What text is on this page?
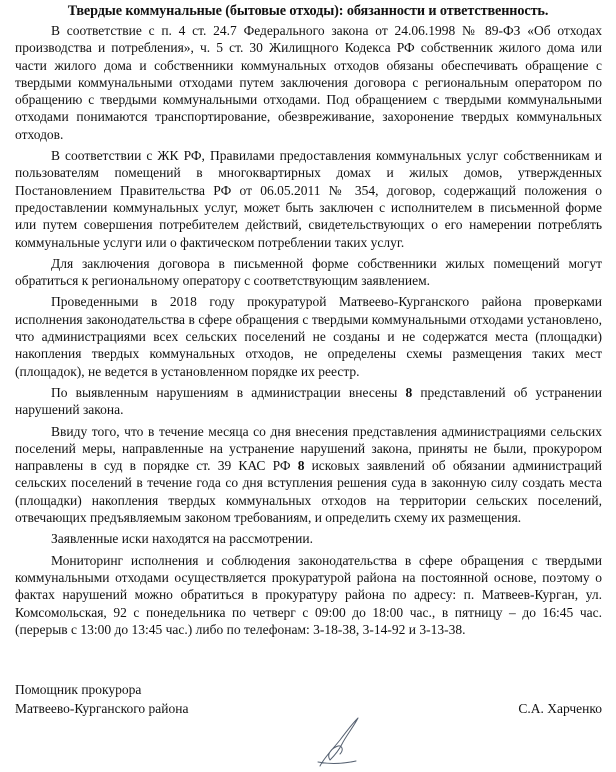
Твердые коммунальные (бытовые отходы): обязанности и ответственность.

В соответствие с п. 4 ст. 24.7 Федерального закона от 24.06.1998 № 89-ФЗ «Об отходах производства и потребления», ч. 5 ст. 30 Жилищного Кодекса РФ собственник жилого дома или части жилого дома и собственники коммунальных отходов обязаны обеспечивать обращение с твердыми коммунальными отходами путем заключения договора с региональным оператором по обращению с твердыми коммунальными отходами. Под обращением с твердыми коммунальными отходами понимаются транспортирование, обезвреживание, захоронение твердых коммунальных отходов.

В соответствии с ЖК РФ, Правилами предоставления коммунальных услуг собственникам и пользователям помещений в многоквартирных домах и жилых домов, утвержденных Постановлением Правительства РФ от 06.05.2011 № 354, договор, содержащий положения о предоставлении коммунальных услуг, может быть заключен с исполнителем в письменной форме или путем совершения потребителем действий, свидетельствующих о его намерении потреблять коммунальные услуги или о фактическом потреблении таких услуг.

Для заключения договора в письменной форме собственники жилых помещений могут обратиться к региональному оператору с соответствующим заявлением.

Проведенными в 2018 году прокуратурой Матвеево-Курганского района проверками исполнения законодательства в сфере обращения с твердыми коммунальными отходами установлено, что администрациями всех сельских поселений не созданы и не содержатся места (площадки) накопления твердых коммунальных отходов, не определены схемы размещения таких мест (площадок), не ведется в установленном порядке их реестр.

По выявленным нарушениям в администрации внесены 8 представлений об устранении нарушений закона.

Ввиду того, что в течение месяца со дня внесения представления администрациями сельских поселений меры, направленные на устранение нарушений закона, приняты не были, прокурором направлены в суд в порядке ст. 39 КАС РФ 8 исковых заявлений об обязании администраций сельских поселений в течение года со дня вступления решения суда в законную силу создать места (площадки) накопления твердых коммунальных отходов на территории сельских поселений, отвечающих предъявляемым законом требованиям, и определить схему их размещения.

Заявленные иски находятся на рассмотрении.

Мониторинг исполнения и соблюдения законодательства в сфере обращения с твердыми коммунальными отходами осуществляется прокуратурой района на постоянной основе, поэтому о фактах нарушений можно обратиться в прокуратуру района по адресу: п. Матвеев-Курган, ул. Комсомольская, 92 с понедельника по четверг с 09:00 до 18:00 час., в пятницу – до 16:45 час. (перерыв с 13:00 до 13:45 час.) либо по телефонам: 3-18-38, 3-14-92 и 3-13-38.

Помощник прокурора
Матвеево-Курганского района	С.А. Харченко
